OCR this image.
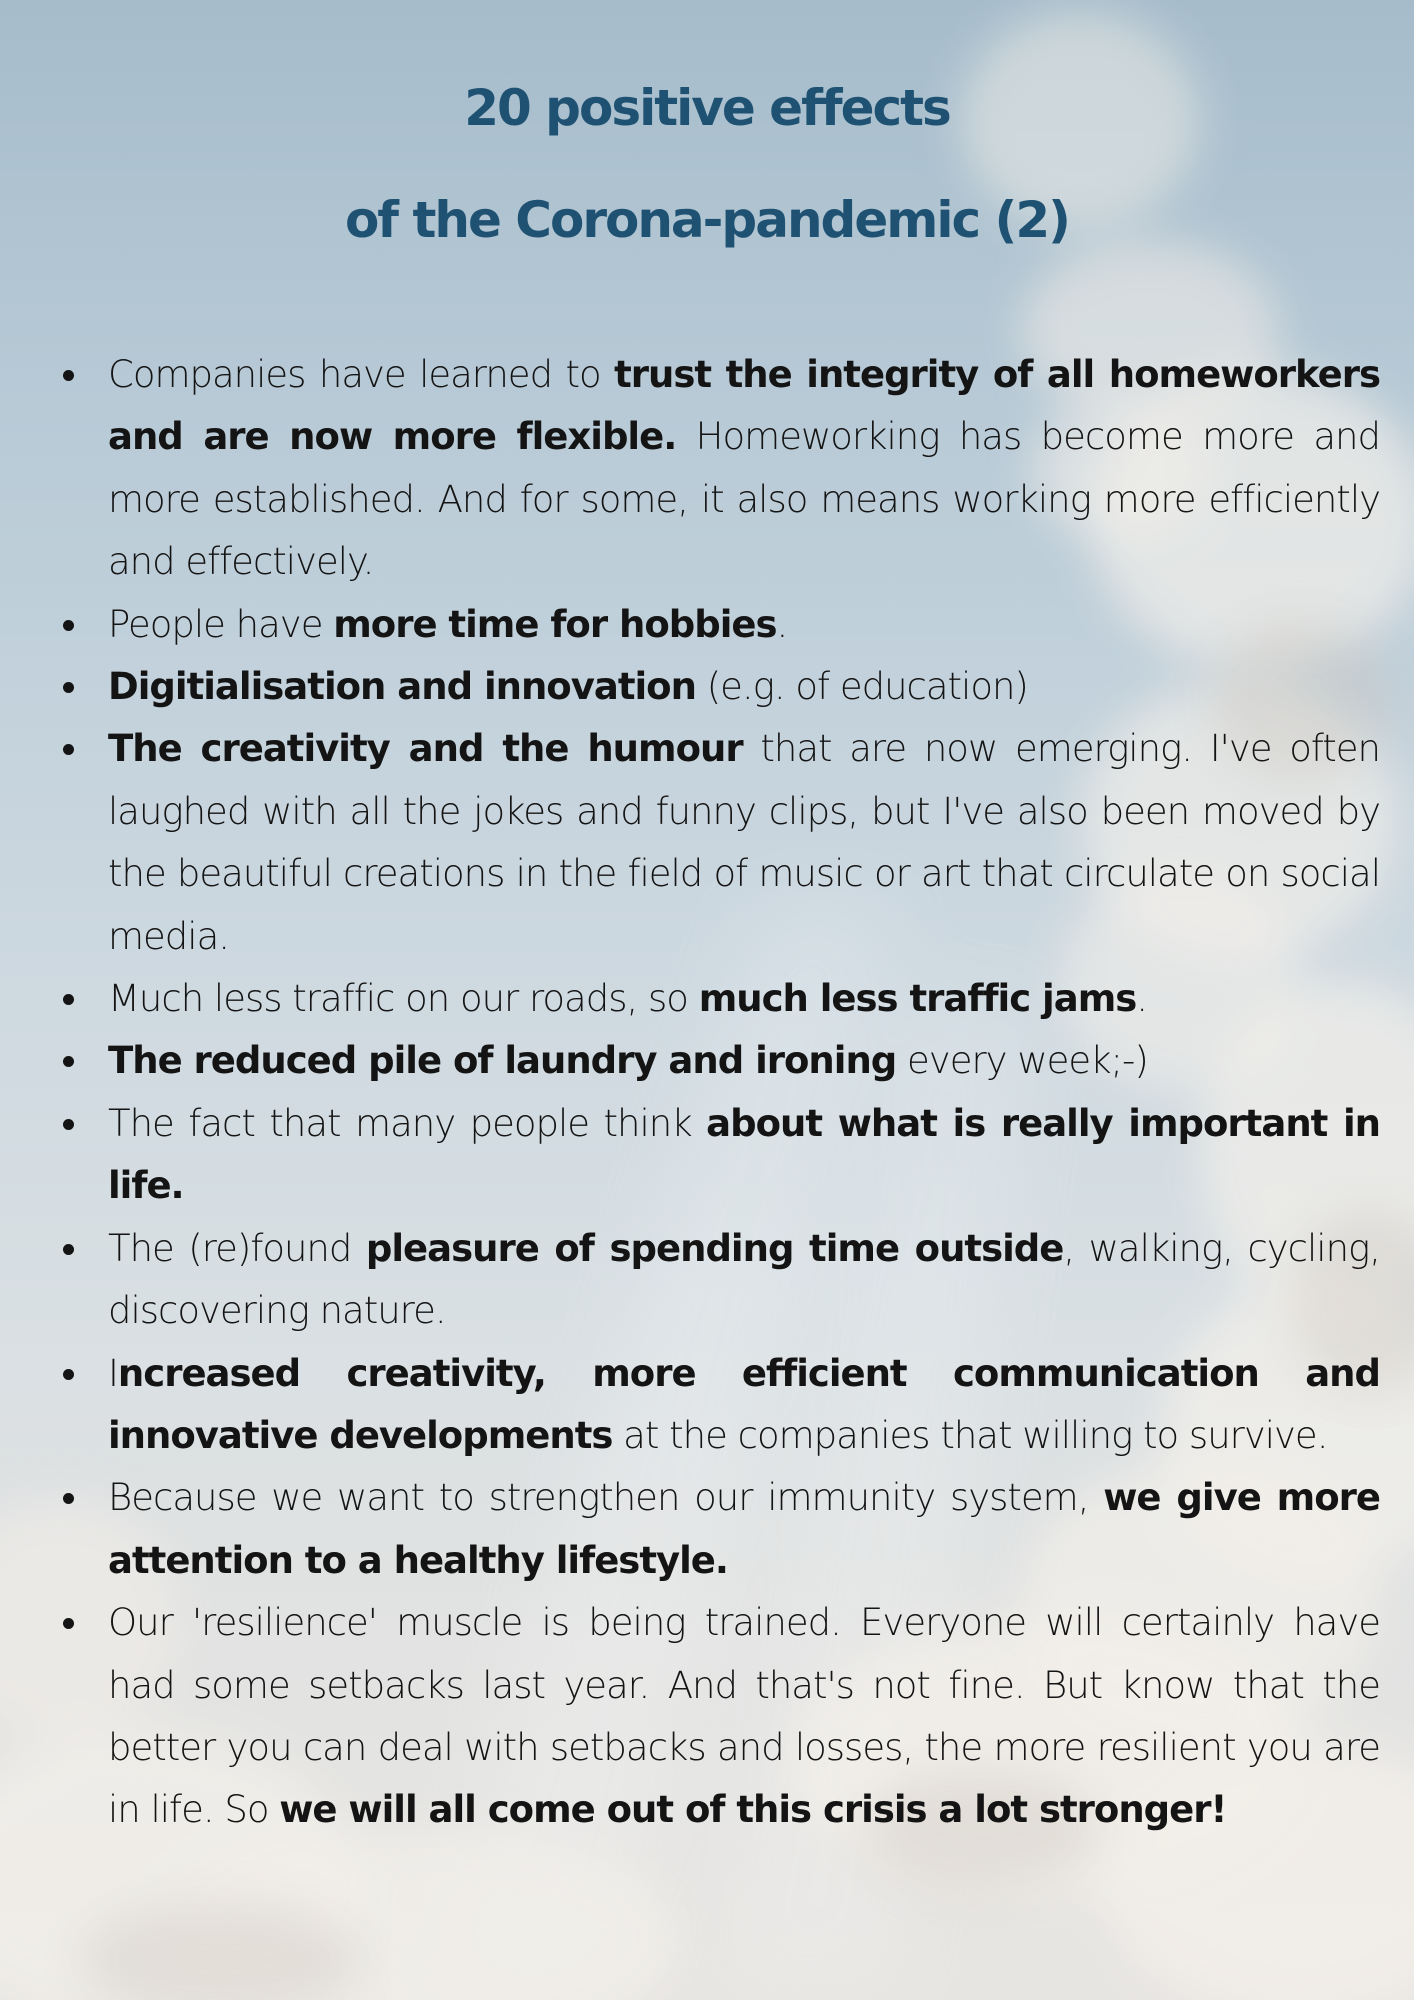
20 positive effects
of the Corona-pandemic (2)
Companies have learned to trust the integrity of all homeworkers and are now more flexible. Homeworking has become more and more established. And for some, it also means working more efficiently and effectively.
People have more time for hobbies.
Digitialisation and innovation (e.g. of education)
The creativity and the humour that are now emerging. I've often laughed with all the jokes and funny clips, but I've also been moved by the beautiful creations in the field of music or art that circulate on social media.
Much less traffic on our roads, so much less traffic jams.
The reduced pile of laundry and ironing every week;-)
The fact that many people think about what is really important in life.
The (re)found pleasure of spending time outside, walking, cycling, discovering nature.
Increased creativity, more efficient communication and innovative developments at the companies that willing to survive.
Because we want to strengthen our immunity system, we give more attention to a healthy lifestyle.
Our 'resilience' muscle is being trained. Everyone will certainly have had some setbacks last year. And that's not fine. But know that the better you can deal with setbacks and losses, the more resilient you are in life. So we will all come out of this crisis a lot stronger!
